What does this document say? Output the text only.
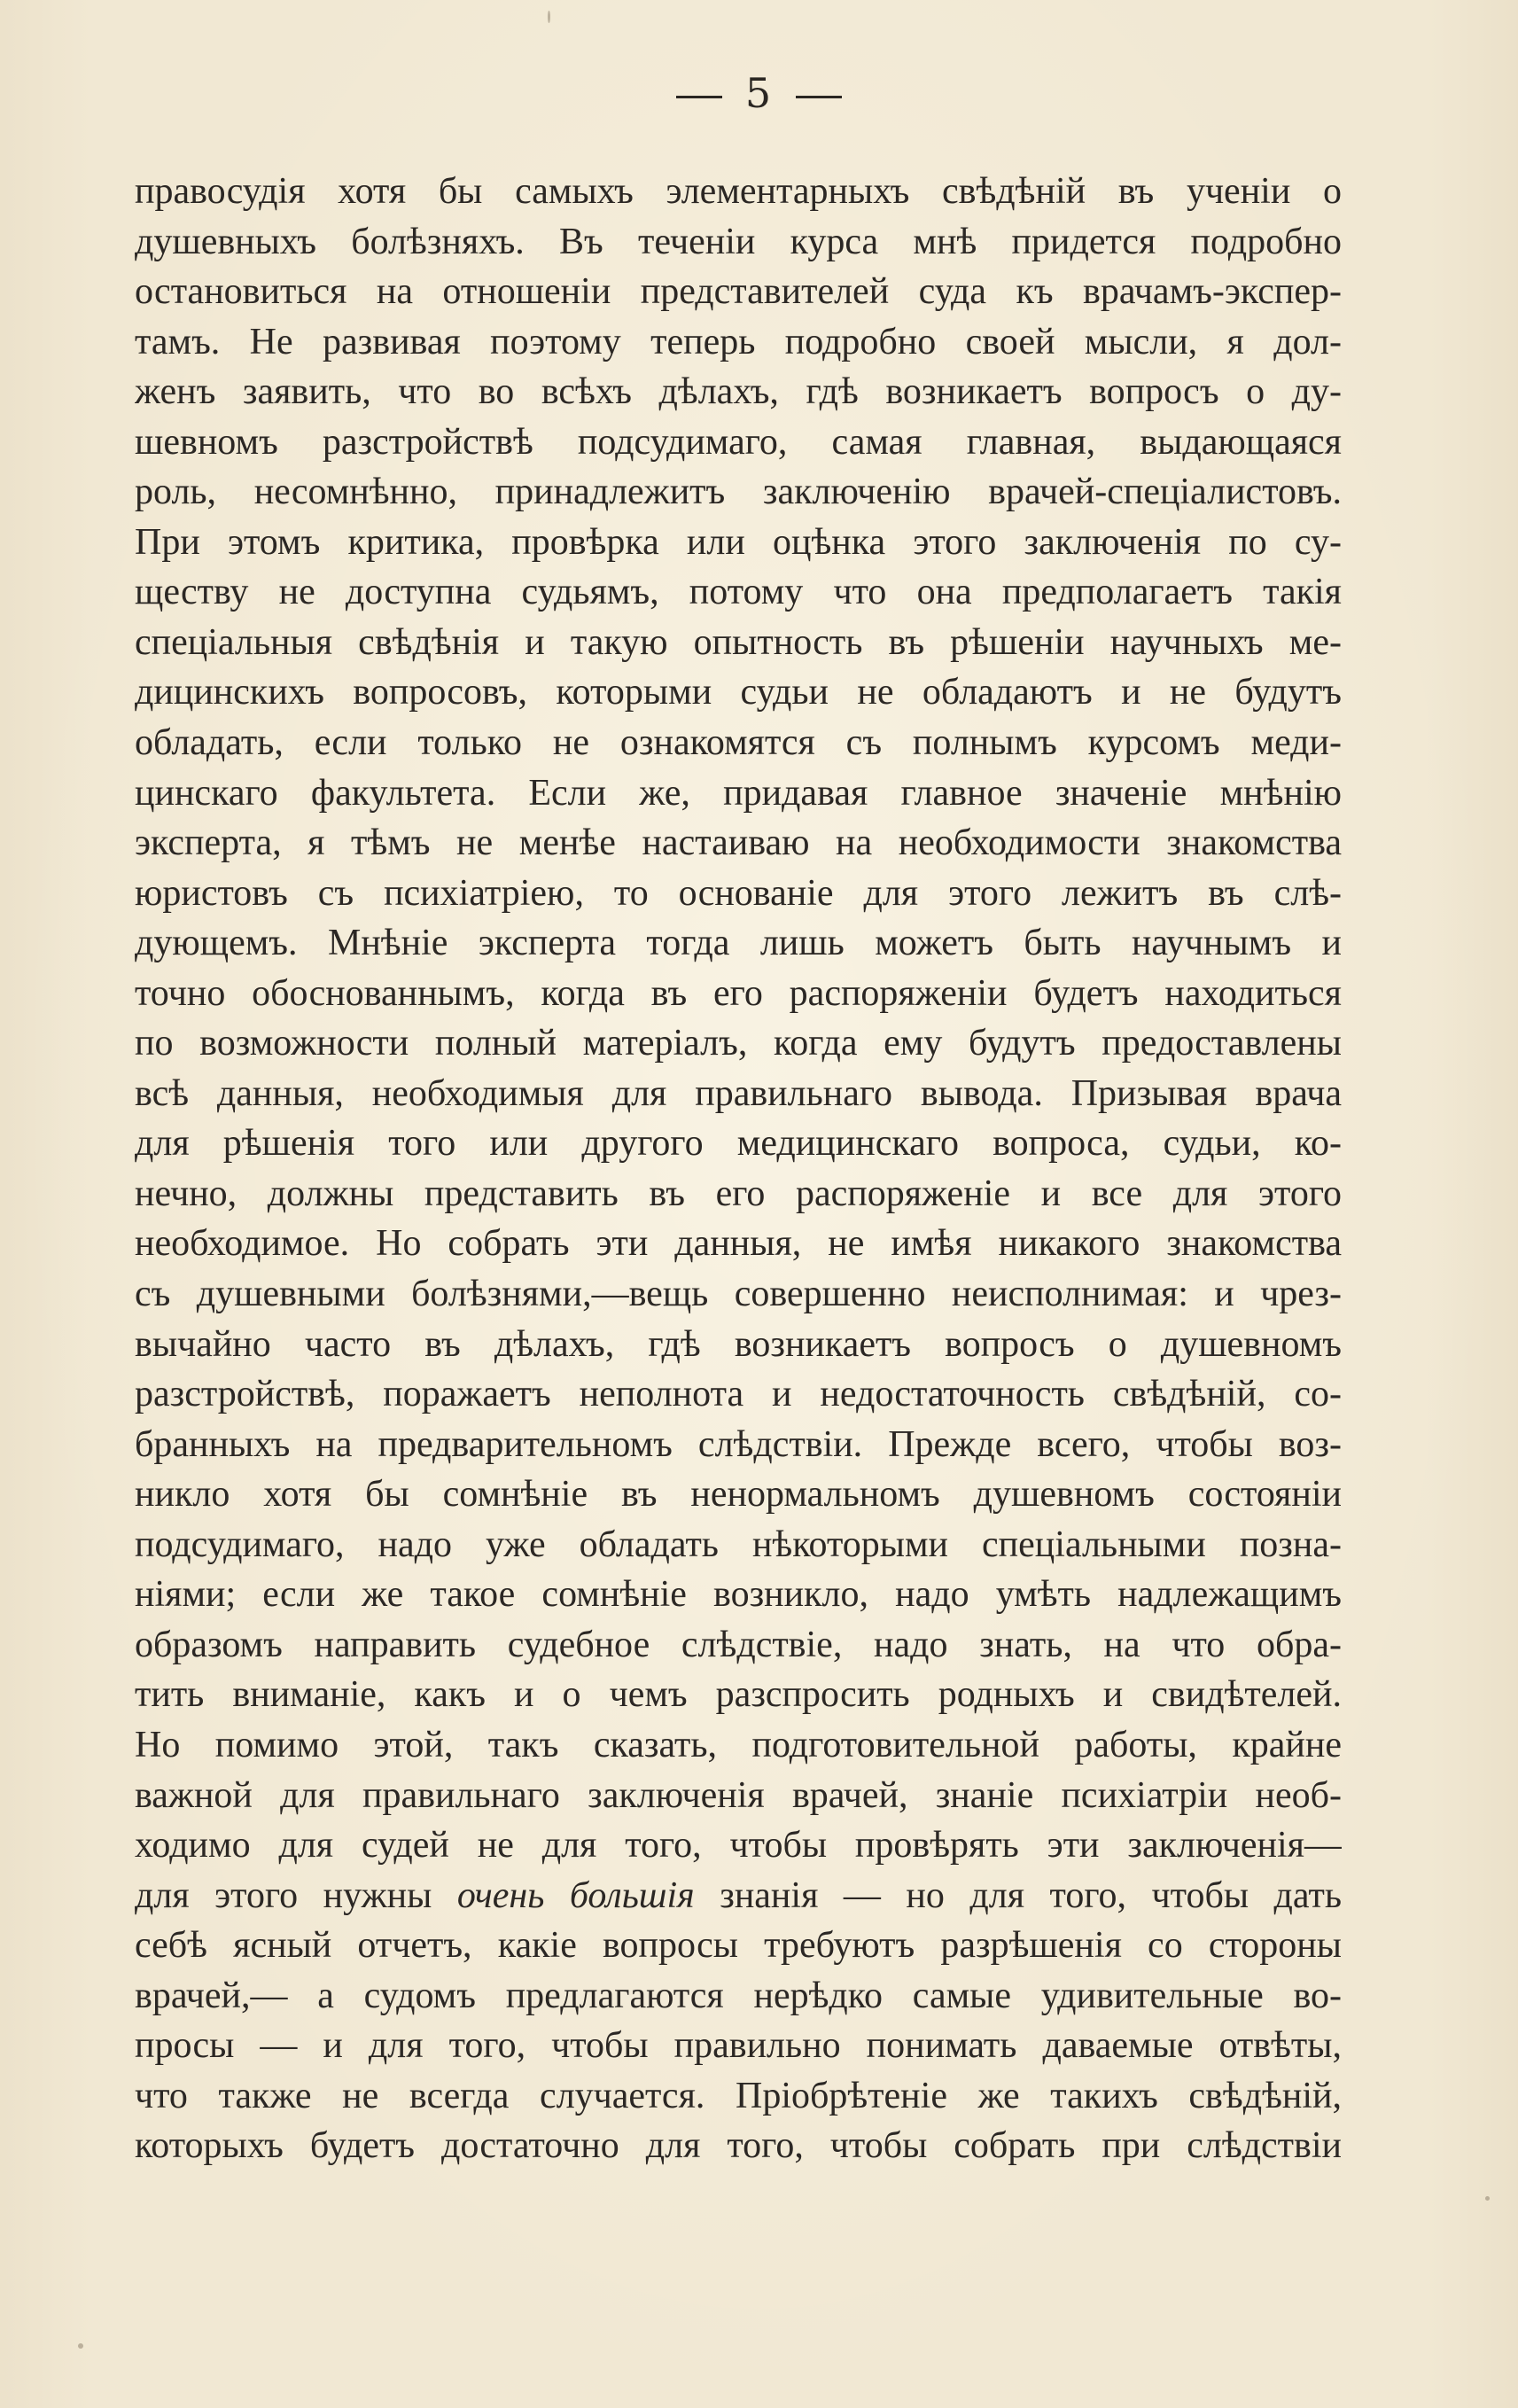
5
правосудія хотя бы самыхъ элементарныхъ свѣдѣній въ ученіи о
душевныхъ болѣзняхъ. Въ теченіи курса мнѣ придется подробно
остановиться на отношеніи представителей суда къ врачамъ-экспер-
тамъ. Не развивая поэтому теперь подробно своей мысли, я дол-
женъ заявить, что во всѣхъ дѣлахъ, гдѣ возникаетъ вопросъ о ду-
шевномъ разстройствѣ подсудимаго, самая главная, выдающаяся
роль, несомнѣнно, принадлежитъ заключенію врачей-спеціалистовъ.
При этомъ критика, провѣрка или оцѣнка этого заключенія по су-
ществу не доступна судьямъ, потому что она предполагаетъ такія
спеціальныя свѣдѣнія и такую опытность въ рѣшеніи научныхъ ме-
дицинскихъ вопросовъ, которыми судьи не обладаютъ и не будутъ
обладать, если только не ознакомятся съ полнымъ курсомъ меди-
цинскаго факультета. Если же, придавая главное значеніе мнѣнію
эксперта, я тѣмъ не менѣе настаиваю на необходимости знакомства
юристовъ съ психіатріею, то основаніе для этого лежитъ въ слѣ-
дующемъ. Мнѣніе эксперта тогда лишь можетъ быть научнымъ и
точно обоснованнымъ, когда въ его распоряженіи будетъ находиться
по возможности полный матеріалъ, когда ему будутъ предоставлены
всѣ данныя, необходимыя для правильнаго вывода. Призывая врача
для рѣшенія того или другого медицинскаго вопроса, судьи, ко-
нечно, должны представить въ его распоряженіе и все для этого
необходимое. Но собрать эти данныя, не имѣя никакого знакомства
съ душевными болѣзнями,—вещь совершенно неисполнимая: и чрез-
вычайно часто въ дѣлахъ, гдѣ возникаетъ вопросъ о душевномъ
разстройствѣ, поражаетъ неполнота и недостаточность свѣдѣній, со-
бранныхъ на предварительномъ слѣдствіи. Прежде всего, чтобы воз-
никло хотя бы сомнѣніе въ ненормальномъ душевномъ состояніи
подсудимаго, надо уже обладать нѣкоторыми спеціальными позна-
ніями; если же такое сомнѣніе возникло, надо умѣть надлежащимъ
образомъ направить судебное слѣдствіе, надо знать, на что обра-
тить вниманіе, какъ и о чемъ разспросить родныхъ и свидѣтелей.
Но помимо этой, такъ сказать, подготовительной работы, крайне
важной для правильнаго заключенія врачей, знаніе психіатріи необ-
ходимо для судей не для того, чтобы провѣрять эти заключенія—
для этого нужны очень большія знанія — но для того, чтобы дать
себѣ ясный отчетъ, какіе вопросы требуютъ разрѣшенія со стороны
врачей,— а судомъ предлагаются нерѣдко самые удивительные во-
просы — и для того, чтобы правильно понимать даваемые отвѣты,
что также не всегда случается. Пріобрѣтеніе же такихъ свѣдѣній,
которыхъ будетъ достаточно для того, чтобы собрать при слѣдствіи
